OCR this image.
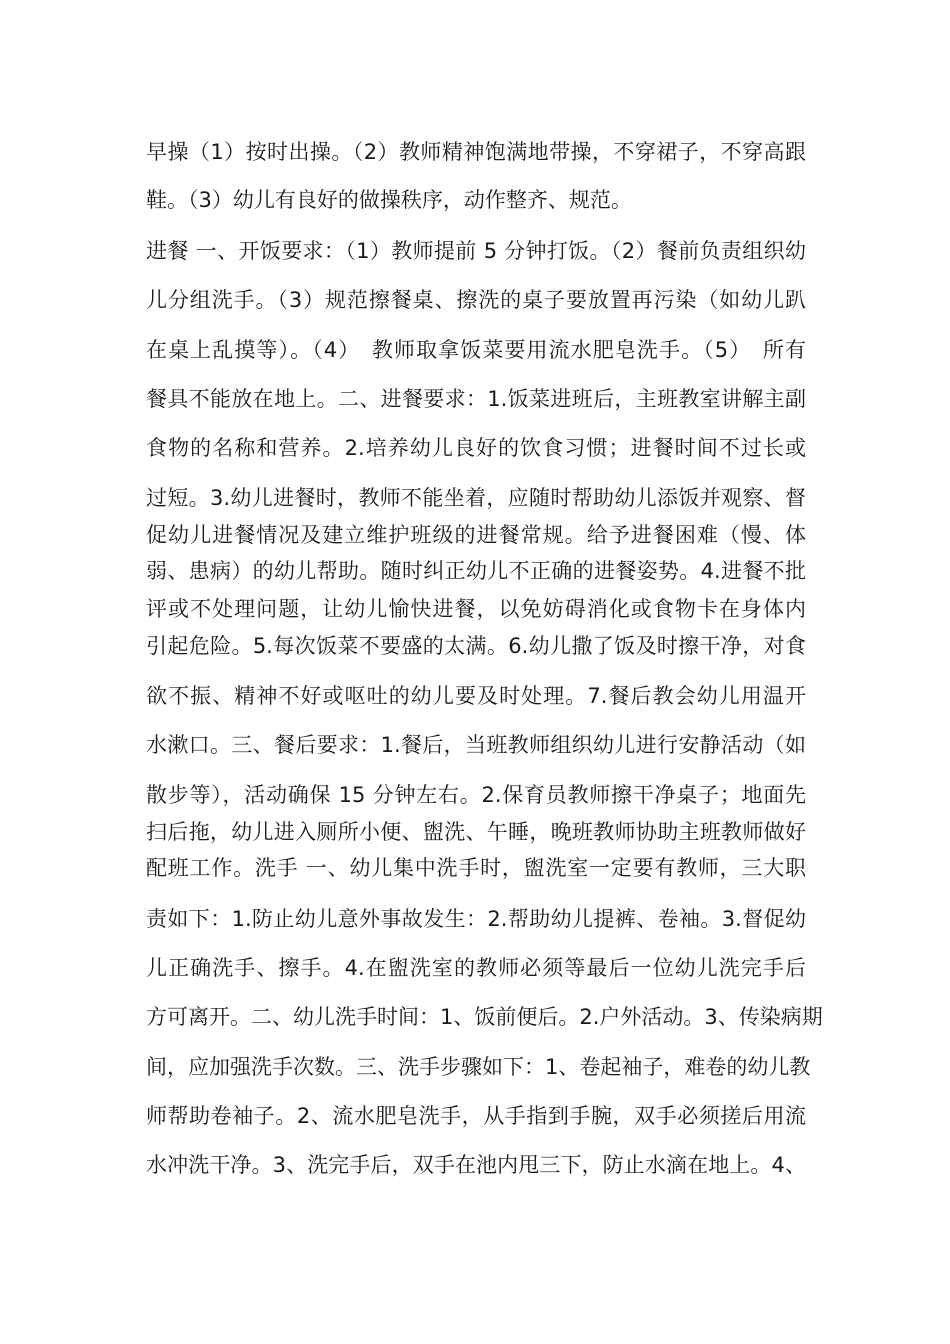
早操（1）按时出操。（2）教师精神饱满地带操，不穿裙子，不穿高跟
鞋。（3）幼儿有良好的做操秩序，动作整齐、规范。
进餐 一、开饭要求：（1）教师提前 5 分钟打饭。（2）餐前负责组织幼
儿分组洗手。（3）规范擦餐桌、擦洗的桌子要放置再污染（如幼儿趴
在桌上乱摸等）。（4）　教师取拿饭菜要用流水肥皂洗手。（5）　所有
餐具不能放在地上。二、进餐要求：1.饭菜进班后，主班教室讲解主副
食物的名称和营养。2.培养幼儿良好的饮食习惯；进餐时间不过长或
过短。3.幼儿进餐时，教师不能坐着，应随时帮助幼儿添饭并观察、督
促幼儿进餐情况及建立维护班级的进餐常规。给予进餐困难（慢、体
弱、患病）的幼儿帮助。随时纠正幼儿不正确的进餐姿势。4.进餐不批
评或不处理问题，让幼儿愉快进餐，以免妨碍消化或食物卡在身体内
引起危险。5.每次饭菜不要盛的太满。6.幼儿撒了饭及时擦干净，对食
欲不振、精神不好或呕吐的幼儿要及时处理。7.餐后教会幼儿用温开
水漱口。三、餐后要求：1.餐后，当班教师组织幼儿进行安静活动（如
散步等），活动确保 15 分钟左右。2.保育员教师擦干净桌子；地面先
扫后拖，幼儿进入厕所小便、盥洗、午睡，晚班教师协助主班教师做好
配班工作。洗手 一、幼儿集中洗手时，盥洗室一定要有教师，三大职
责如下：1.防止幼儿意外事故发生：2.帮助幼儿提裤、卷袖。3.督促幼
儿正确洗手、擦手。4.在盥洗室的教师必须等最后一位幼儿洗完手后
方可离开。二、幼儿洗手时间：1、饭前便后。2.户外活动。3、传染病期
间，应加强洗手次数。三、洗手步骤如下：1、卷起袖子，难卷的幼儿教
师帮助卷袖子。2、流水肥皂洗手，从手指到手腕，双手必须搓后用流
水冲洗干净。3、洗完手后，双手在池内甩三下，防止水滴在地上。4、
